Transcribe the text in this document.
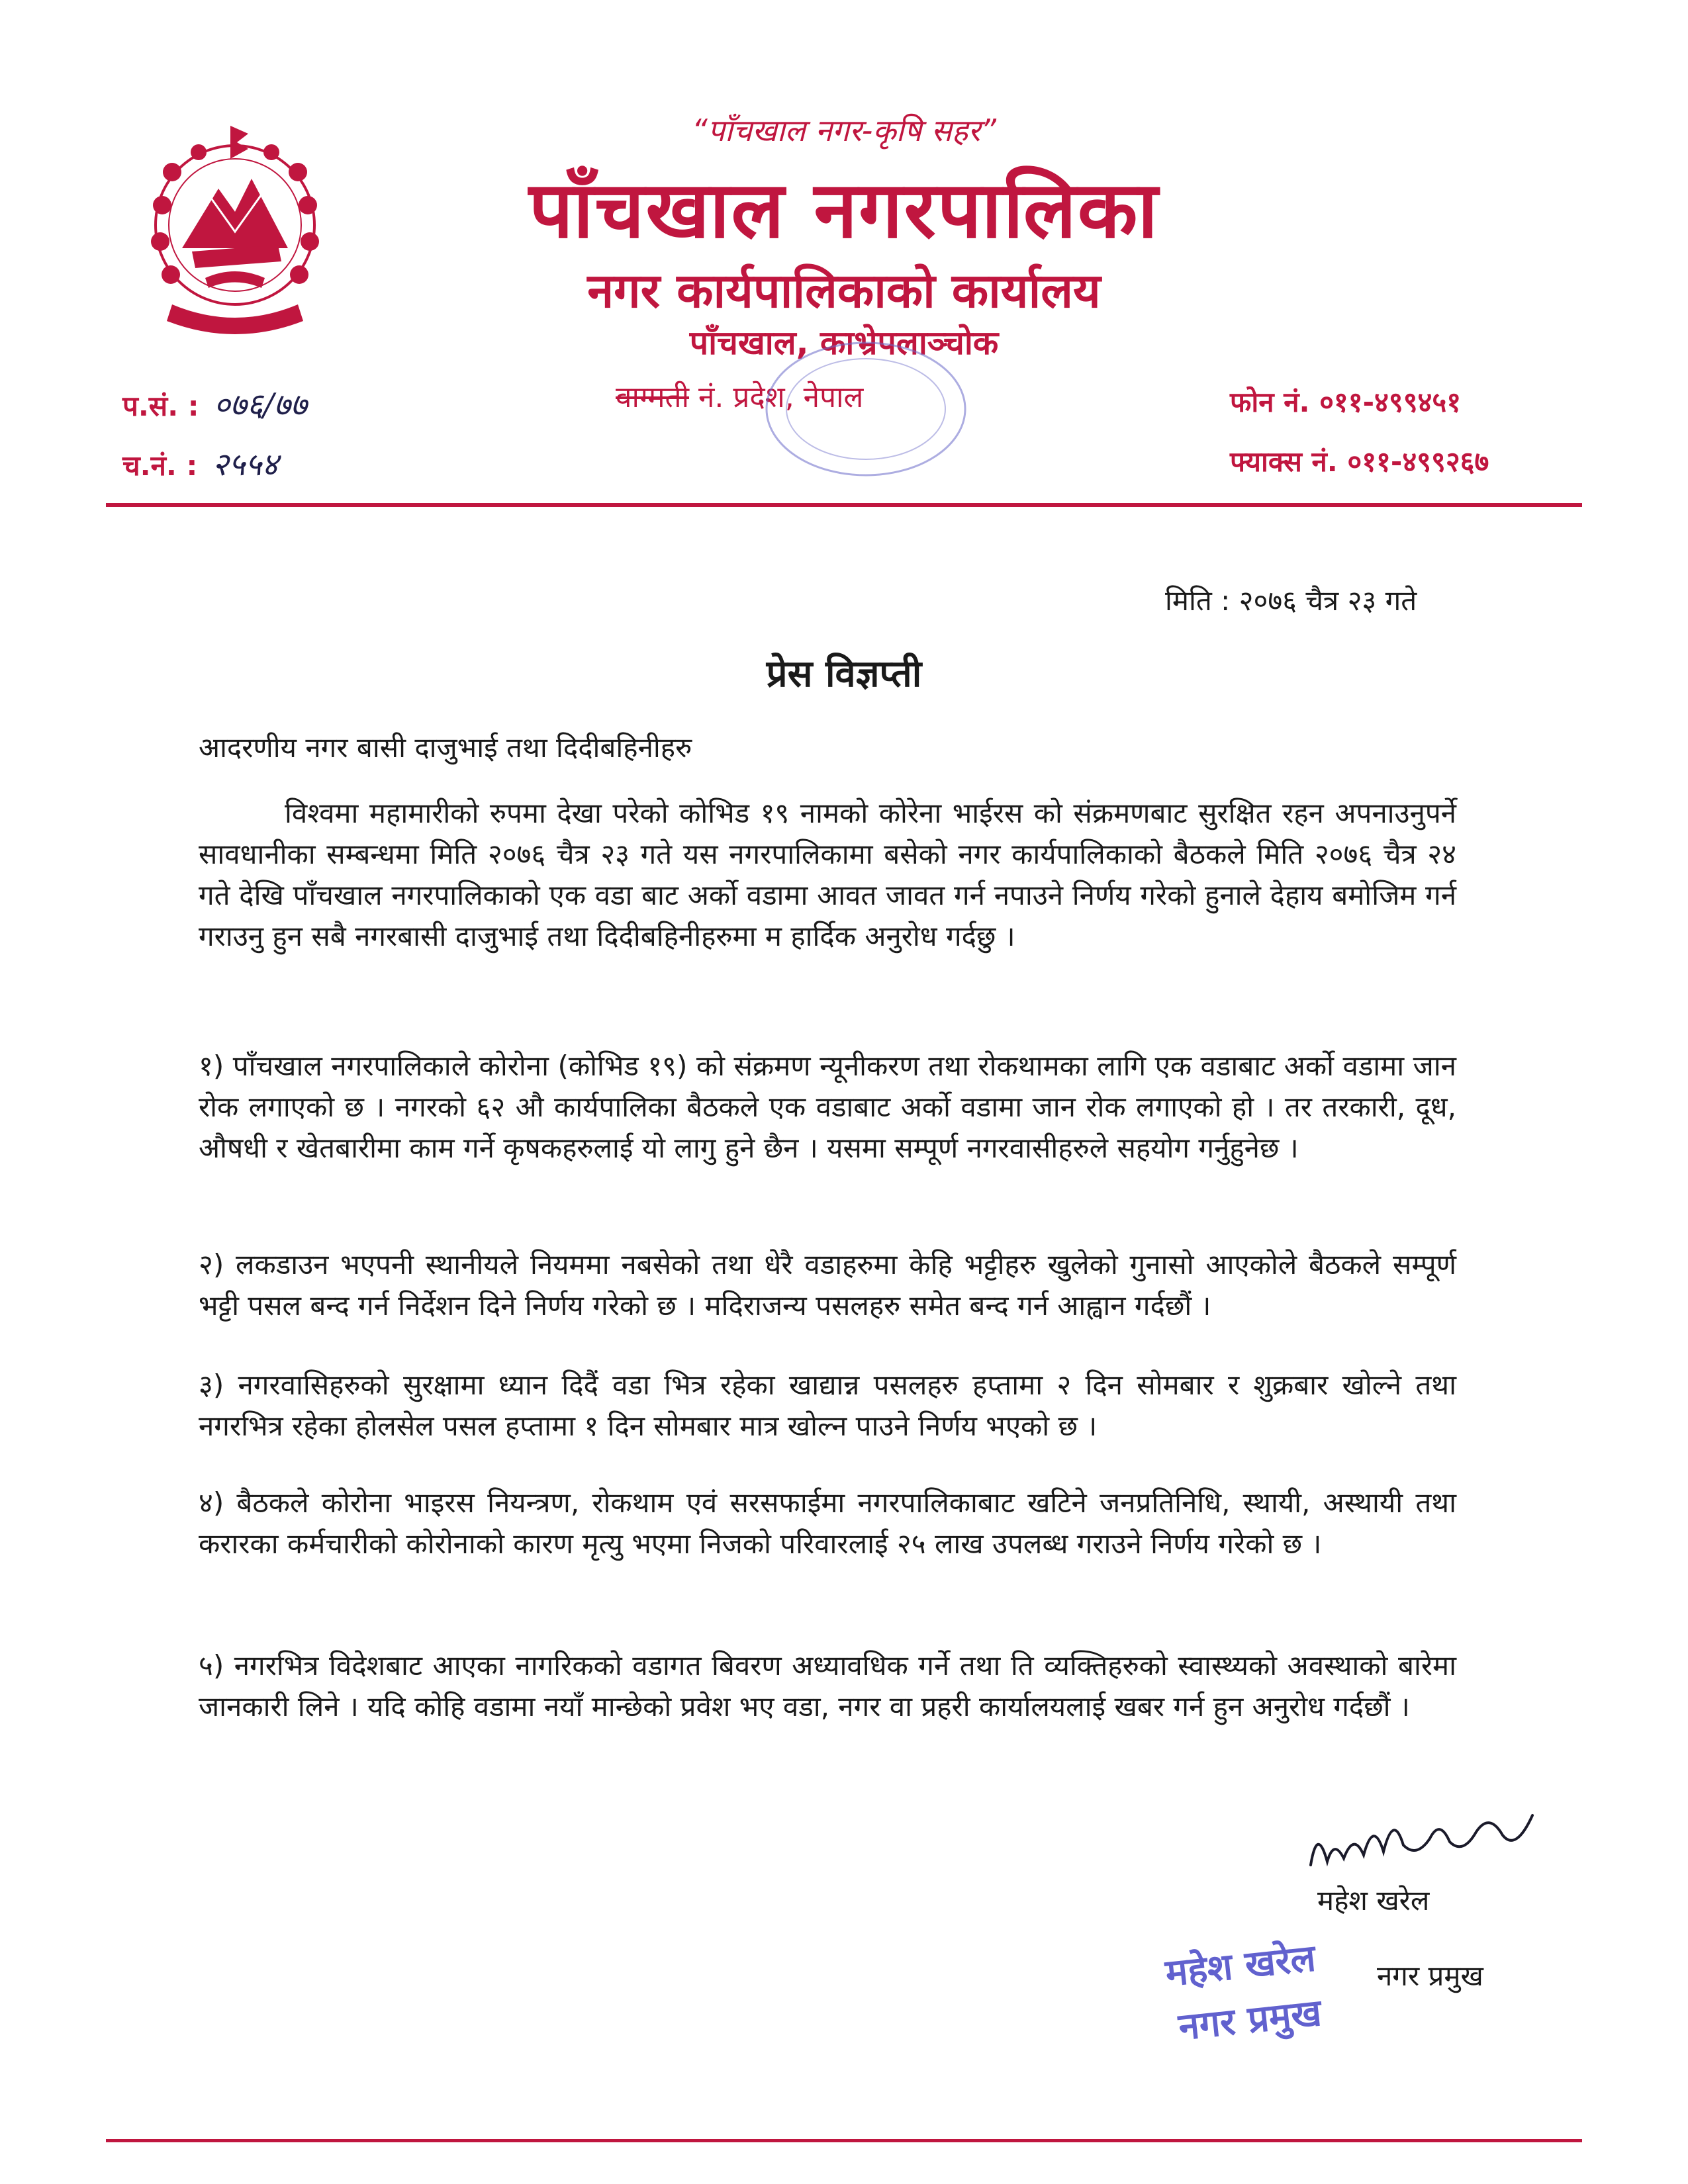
“पाँचखाल नगर-कृषि सहर”
पाँचखाल नगरपालिका
नगर कार्यपालिकाको कार्यालय
पाँचखाल, काभ्रेपलाञ्चोक
वाग्मती नं. प्रदेश, नेपाल
प.सं. : ०७६/७७
च.नं. : २५५४
फोन नं. ०११-४९९४५१
फ्याक्स नं. ०११-४९९२६७
मिति : २०७६ चैत्र २३ गते
प्रेस विज्ञप्ती
आदरणीय नगर बासी दाजुभाई तथा दिदीबहिनीहरु
विश्वमा महामारीको रुपमा देखा परेको कोभिड १९ नामको कोरेना भाईरस को संक्रमणबाट सुरक्षित रहन अपनाउनुपर्ने सावधानीका सम्बन्धमा मिति २०७६ चैत्र २३ गते यस नगरपालिकामा बसेको नगर कार्यपालिकाको बैठकले मिति २०७६ चैत्र २४ गते देखि पाँचखाल नगरपालिकाको एक वडा बाट अर्को वडामा आवत जावत गर्न नपाउने निर्णय गरेको हुनाले देहाय बमोजिम गर्न गराउनु हुन सबै नगरबासी दाजुभाई तथा दिदीबहिनीहरुमा म हार्दिक अनुरोध गर्दछु ।
१) पाँचखाल नगरपालिकाले कोरोना (कोभिड १९) को संक्रमण न्यूनीकरण तथा रोकथामका लागि एक वडाबाट अर्को वडामा जान रोक लगाएको छ । नगरको ६२ औ कार्यपालिका बैठकले एक वडाबाट अर्को वडामा जान रोक लगाएको हो । तर तरकारी, दूध, औषधी र खेतबारीमा काम गर्ने कृषकहरुलाई यो लागु हुने छैन । यसमा सम्पूर्ण नगरवासीहरुले सहयोग गर्नुहुनेछ ।
२) लकडाउन भएपनी स्थानीयले नियममा नबसेको तथा धेरै वडाहरुमा केहि भट्टीहरु खुलेको गुनासो आएकोले बैठकले सम्पूर्ण भट्टी पसल बन्द गर्न निर्देशन दिने निर्णय गरेको छ । मदिराजन्य पसलहरु समेत बन्द गर्न आह्वान गर्दछौं ।
३) नगरवासिहरुको सुरक्षामा ध्यान दिदैं वडा भित्र रहेका खाद्यान्न पसलहरु हप्तामा २ दिन सोमबार र शुक्रबार खोल्ने तथा नगरभित्र रहेका होलसेल पसल हप्तामा १ दिन सोमबार मात्र खोल्न पाउने निर्णय भएको छ ।
४) बैठकले कोरोना भाइरस नियन्त्रण, रोकथाम एवं सरसफाईमा नगरपालिकाबाट खटिने जनप्रतिनिधि, स्थायी, अस्थायी तथा करारका कर्मचारीको कोरोनाको कारण मृत्यु भएमा निजको परिवारलाई २५ लाख उपलब्ध गराउने निर्णय गरेको छ ।
५) नगरभित्र विदेशबाट आएका नागरिकको वडागत बिवरण अध्यावधिक गर्ने तथा ति व्यक्तिहरुको स्वास्थ्यको अवस्थाको बारेमा जानकारी लिने । यदि कोहि वडामा नयाँ मान्छेको प्रवेश भए वडा, नगर वा प्रहरी कार्यालयलाई खबर गर्न हुन अनुरोध गर्दछौं ।
महेश खरेल
महेश खरेल
नगर प्रमुख
नगर प्रमुख
